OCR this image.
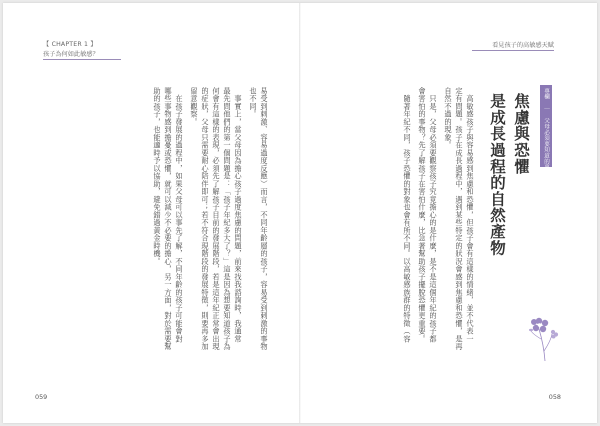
【 CHAPTER 1 】
孩子為何如此敏感？
看見孩子的高敏感天賦
專欄 ｜ 父母必須要知道的事
焦慮與恐懼
是成長過程的自然產物
　高敏感孩子與容易感到焦慮和恐懼，但孩子會有這樣的情緒，並不代表一
定有問題。孩子在成長過程中，遇到某些特定的狀況會感到焦慮和恐懼，是再
自然不過的現象。
　只是，父母必須要觀察孩子究竟擔心的是什麼，是不是這個年紀的孩子都
會害怕的事物？先了解孩子在害怕什麼，比急著幫助孩子擺脫恐懼更重要。
　隨著年紀不同，孩子恐懼的對象也會有所不同。以高敏感族群的特徵（容
易受到刺激、容易過度反應）而言，不同年齡層的孩子，容易受到刺激的事物
也不同。
　事實上，當父母因為擔心孩子過度焦慮的問題，前來找我諮詢時，我通常
最先問他們的第一個問題是：「孩子年紀多大了？」這是因為想要知道孩子為
何會有這樣的表現，必須先了解孩子目前的發展階段，若是這年紀正常會出現
的症狀，父母只需要耐心陪伴即可；若不符合現階段的發展特徵，則要再多加
留意觀察。
　在孩子發展的過程中，如果父母可以事先了解，不同年齡的孩子可能會對
哪些事物感到擔憂或恐懼，就可以減少不必要的擔心，另一方面，對於需要幫
助的孩子，也能適時予以協助，避免錯過黃金時機。
059	058
